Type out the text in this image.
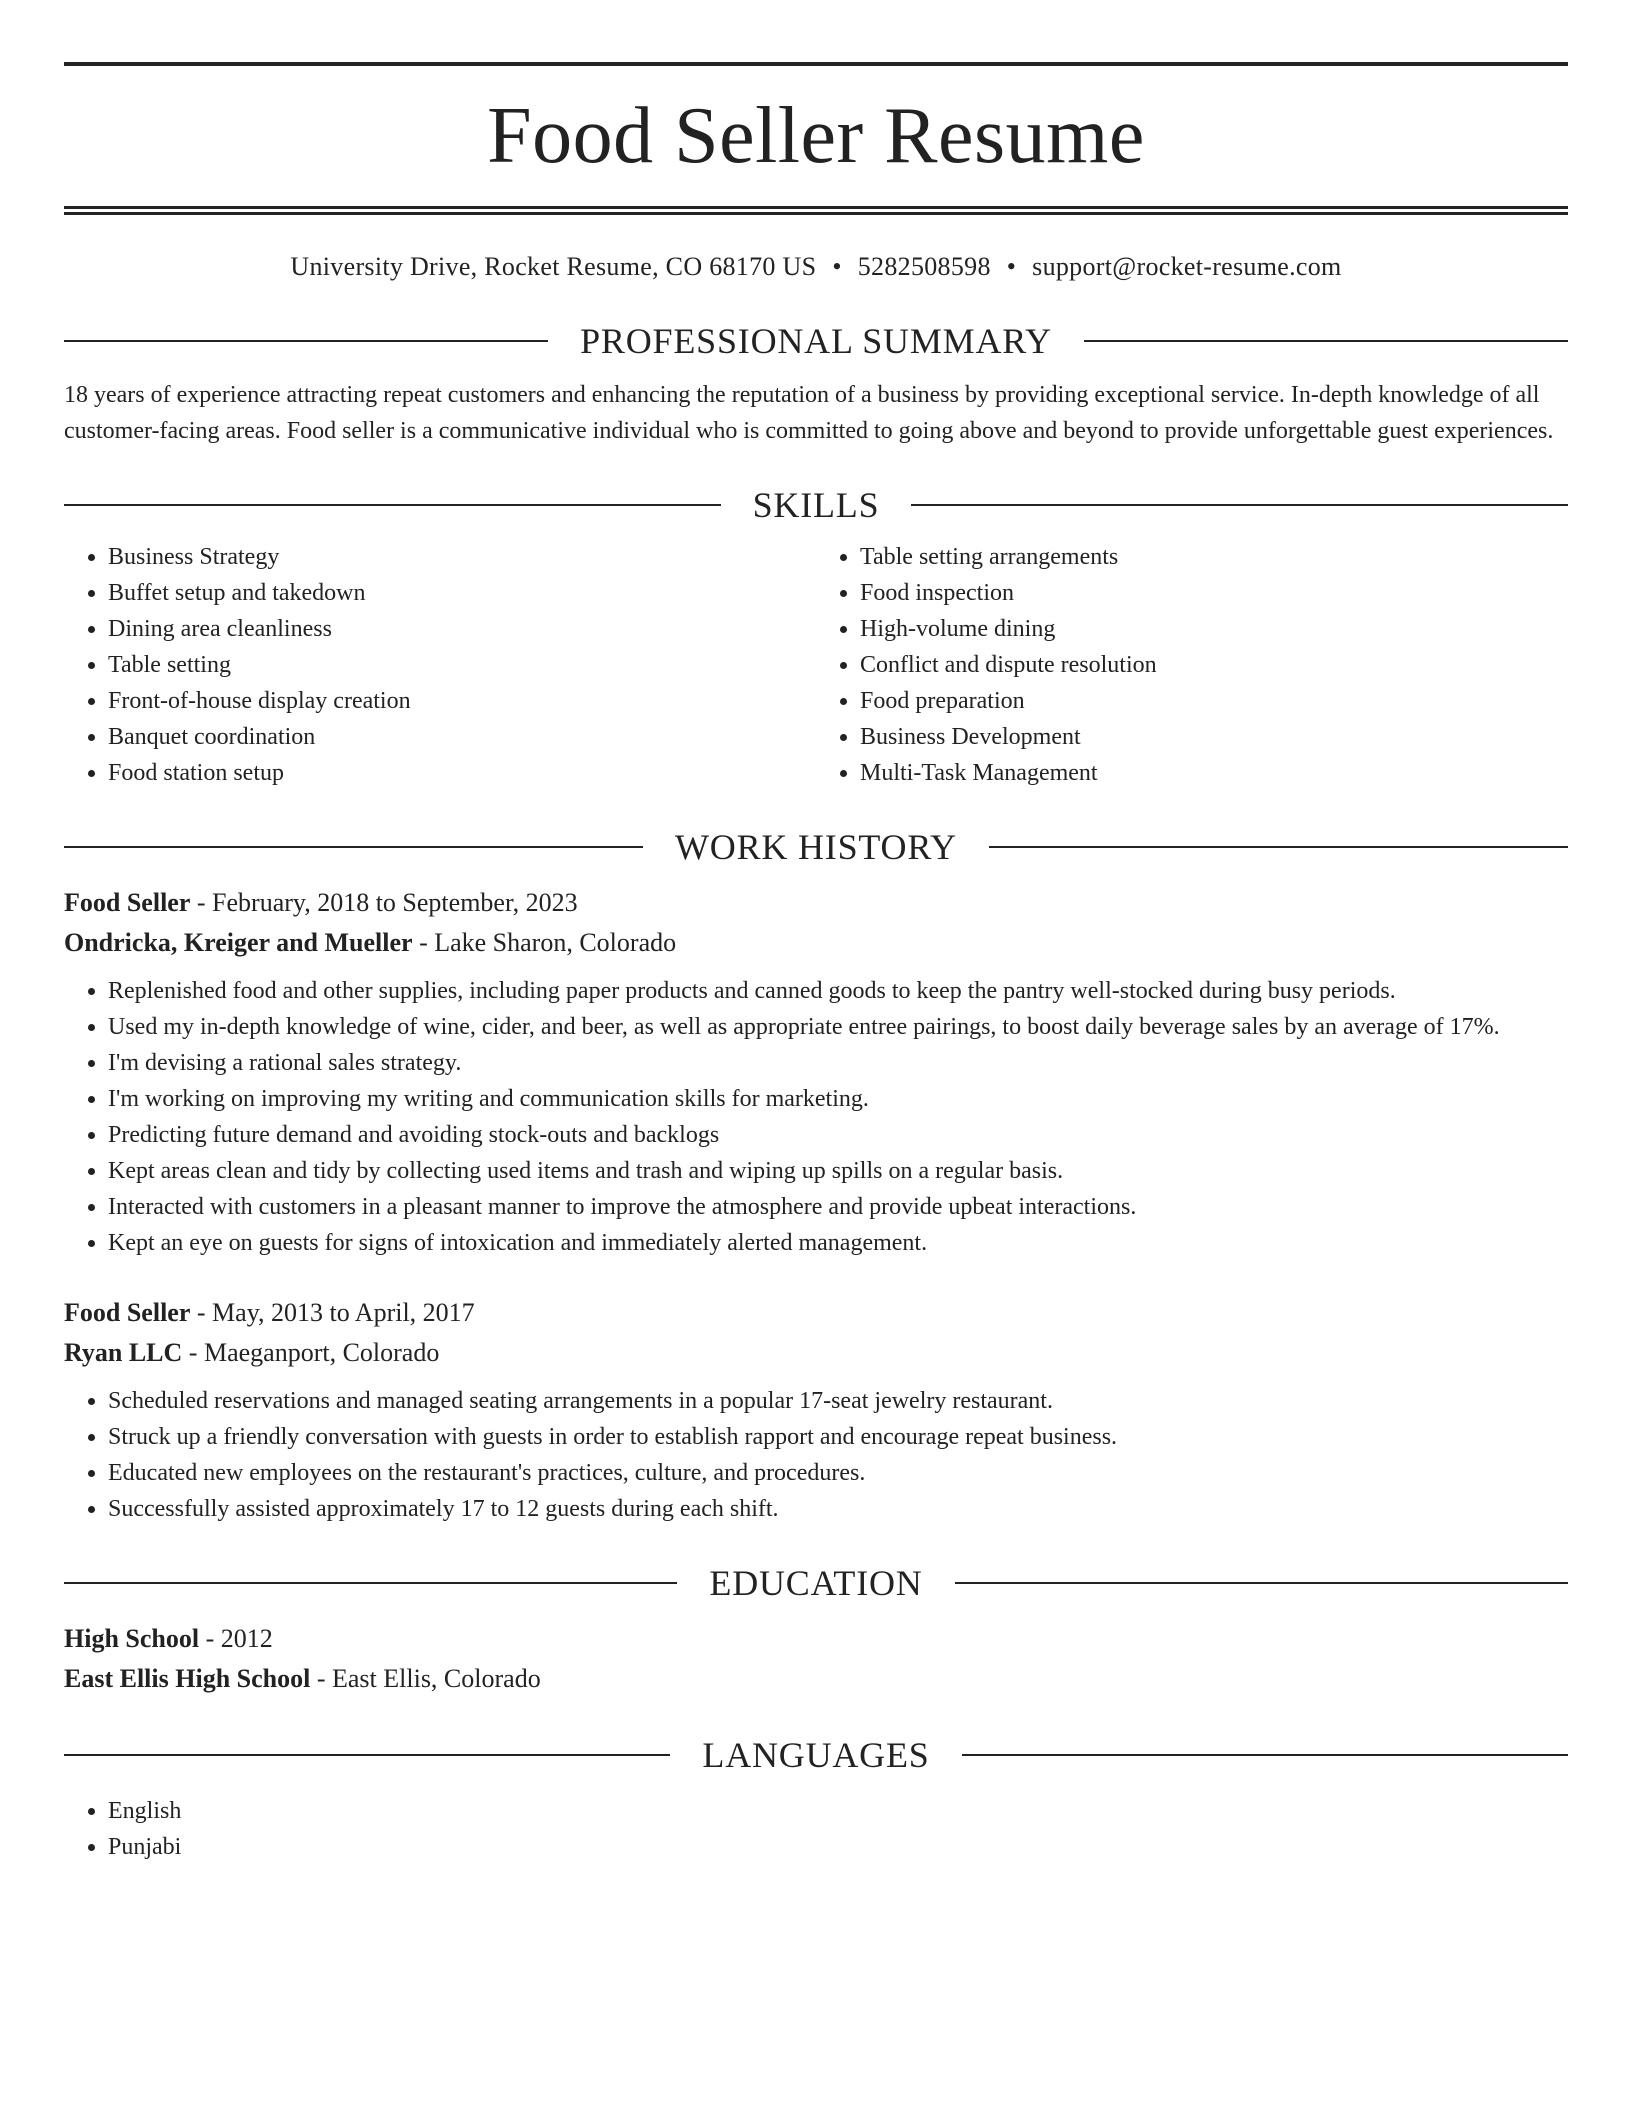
Food Seller Resume
University Drive, Rocket Resume, CO 68170 US • 5282508598 • support@rocket-resume.com
PROFESSIONAL SUMMARY

18 years of experience attracting repeat customers and enhancing the reputation of a business by providing exceptional service. In-depth knowledge of all customer-facing areas. Food seller is a communicative individual who is committed to going above and beyond to provide unforgettable guest experiences.

SKILLS
• Business Strategy
• Buffet setup and takedown
• Dining area cleanliness
• Table setting
• Front-of-house display creation
• Banquet coordination
• Food station setup
• Table setting arrangements
• Food inspection
• High-volume dining
• Conflict and dispute resolution
• Food preparation
• Business Development
• Multi-Task Management
WORK HISTORY
Food Seller - February, 2018 to September, 2023
Ondricka, Kreiger and Mueller - Lake Sharon, Colorado
• Replenished food and other supplies, including paper products and canned goods to keep the pantry well-stocked during busy periods.
• Used my in-depth knowledge of wine, cider, and beer, as well as appropriate entree pairings, to boost daily beverage sales by an average of 17%.
• I'm devising a rational sales strategy.
• I'm working on improving my writing and communication skills for marketing.
• Predicting future demand and avoiding stock-outs and backlogs
• Kept areas clean and tidy by collecting used items and trash and wiping up spills on a regular basis.
• Interacted with customers in a pleasant manner to improve the atmosphere and provide upbeat interactions.
• Kept an eye on guests for signs of intoxication and immediately alerted management.
Food Seller - May, 2013 to April, 2017
Ryan LLC - Maeganport, Colorado
• Scheduled reservations and managed seating arrangements in a popular 17-seat jewelry restaurant.
• Struck up a friendly conversation with guests in order to establish rapport and encourage repeat business.
• Educated new employees on the restaurant's practices, culture, and procedures.
• Successfully assisted approximately 17 to 12 guests during each shift.
EDUCATION
High School - 2012
East Ellis High School - East Ellis, Colorado
LANGUAGES
• English
• Punjabi
